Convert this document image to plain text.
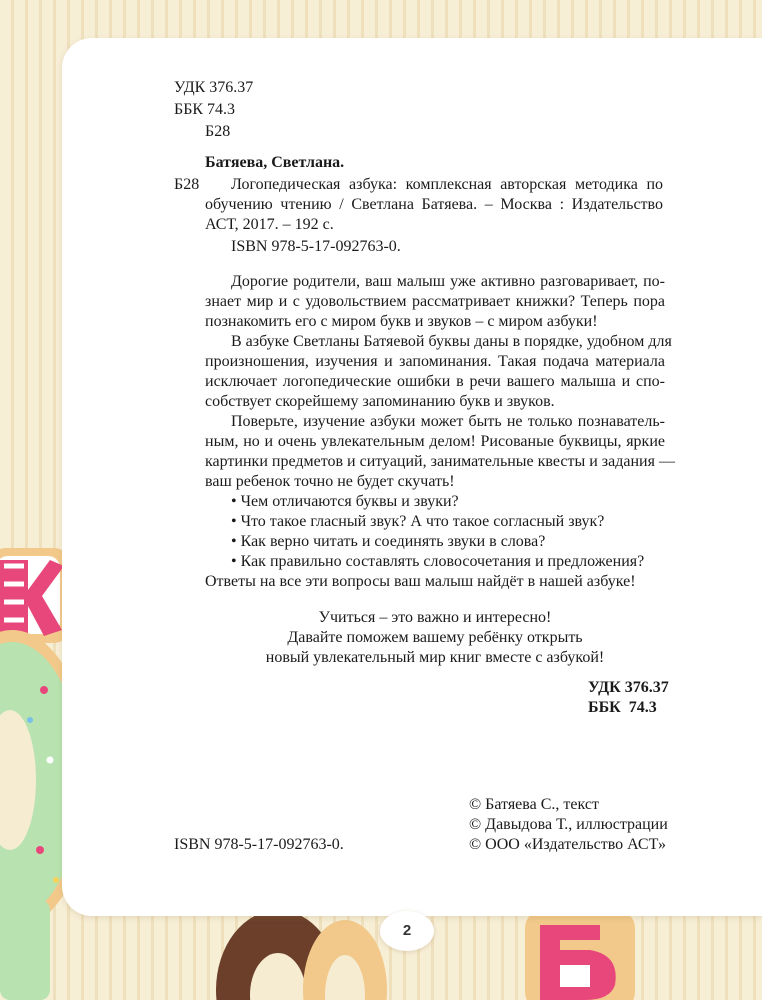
УДК 376.37
ББК 74.3
Б28
Батяева, Светлана.
Б28 Логопедическая азбука: комплексная авторская методика по
обучению чтению / Светлана Батяева. – Москва : Издательство
АСТ, 2017. – 192 с.
ISBN 978-5-17-092763-0.
Дорогие родители, ваш малыш уже активно разговаривает, по-
знает мир и с удовольствием рассматривает книжки? Теперь пора
познакомить его с миром букв и звуков – с миром азбуки!
В азбуке Светланы Батяевой буквы даны в порядке, удобном для
произношения, изучения и запоминания. Такая подача материала
исключает логопедические ошибки в речи вашего малыша и спо-
собствует скорейшему запоминанию букв и звуков.
Поверьте, изучение азбуки может быть не только познаватель-
ным, но и очень увлекательным делом! Рисованые буквицы, яркие
картинки предметов и ситуаций, занимательные квесты и задания —
ваш ребенок точно не будет скучать!
• Чем отличаются буквы и звуки?
• Что такое гласный звук? А что такое согласный звук?
• Как верно читать и соединять звуки в слова?
• Как правильно составлять словосочетания и предложения?
Ответы на все эти вопросы ваш малыш найдёт в нашей азбуке!
Учиться – это важно и интересно!
Давайте поможем вашему ребёнку открыть
новый увлекательный мир книг вместе с азбукой!
УДК 376.37
ББК  74.3
© Батяева С., текст
© Давыдова Т., иллюстрации
ISBN 978-5-17-092763-0.	© ООО «Издательство АСТ»
2
